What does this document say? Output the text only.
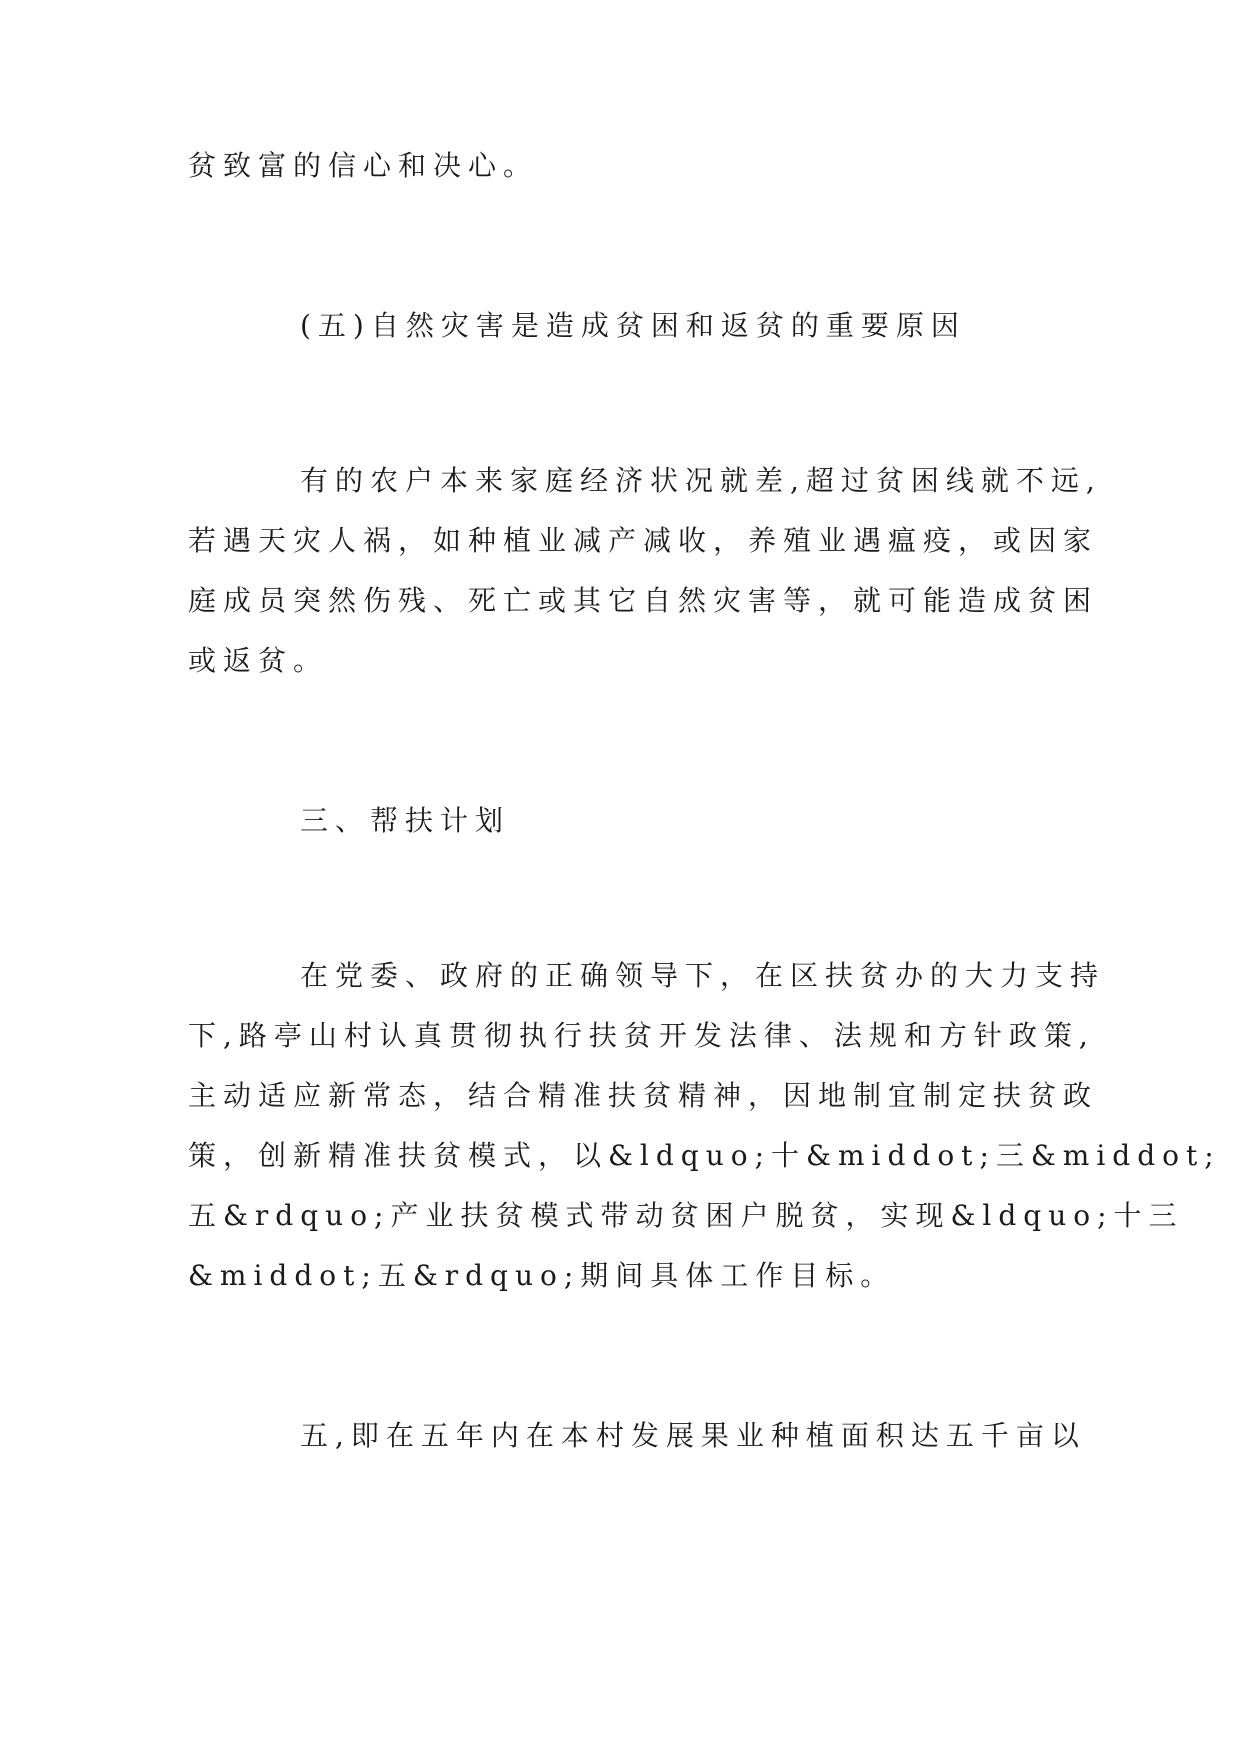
贫致富的信心和决心。
(五)自然灾害是造成贫困和返贫的重要原因
有的农户本来家庭经济状况就差,超过贫困线就不远,
若遇天灾人祸，如种植业减产减收，养殖业遇瘟疫，或因家
庭成员突然伤残、死亡或其它自然灾害等，就可能造成贫困
或返贫。
三、帮扶计划
在党委、政府的正确领导下，在区扶贫办的大力支持
下,路亭山村认真贯彻执行扶贫开发法律、法规和方针政策,
主动适应新常态，结合精准扶贫精神，因地制宜制定扶贫政
策，创新精准扶贫模式，以&ldquo;十&middot;三&middot;
五&rdquo;产业扶贫模式带动贫困户脱贫，实现&ldquo;十三
&middot;五&rdquo;期间具体工作目标。
五,即在五年内在本村发展果业种植面积达五千亩以
